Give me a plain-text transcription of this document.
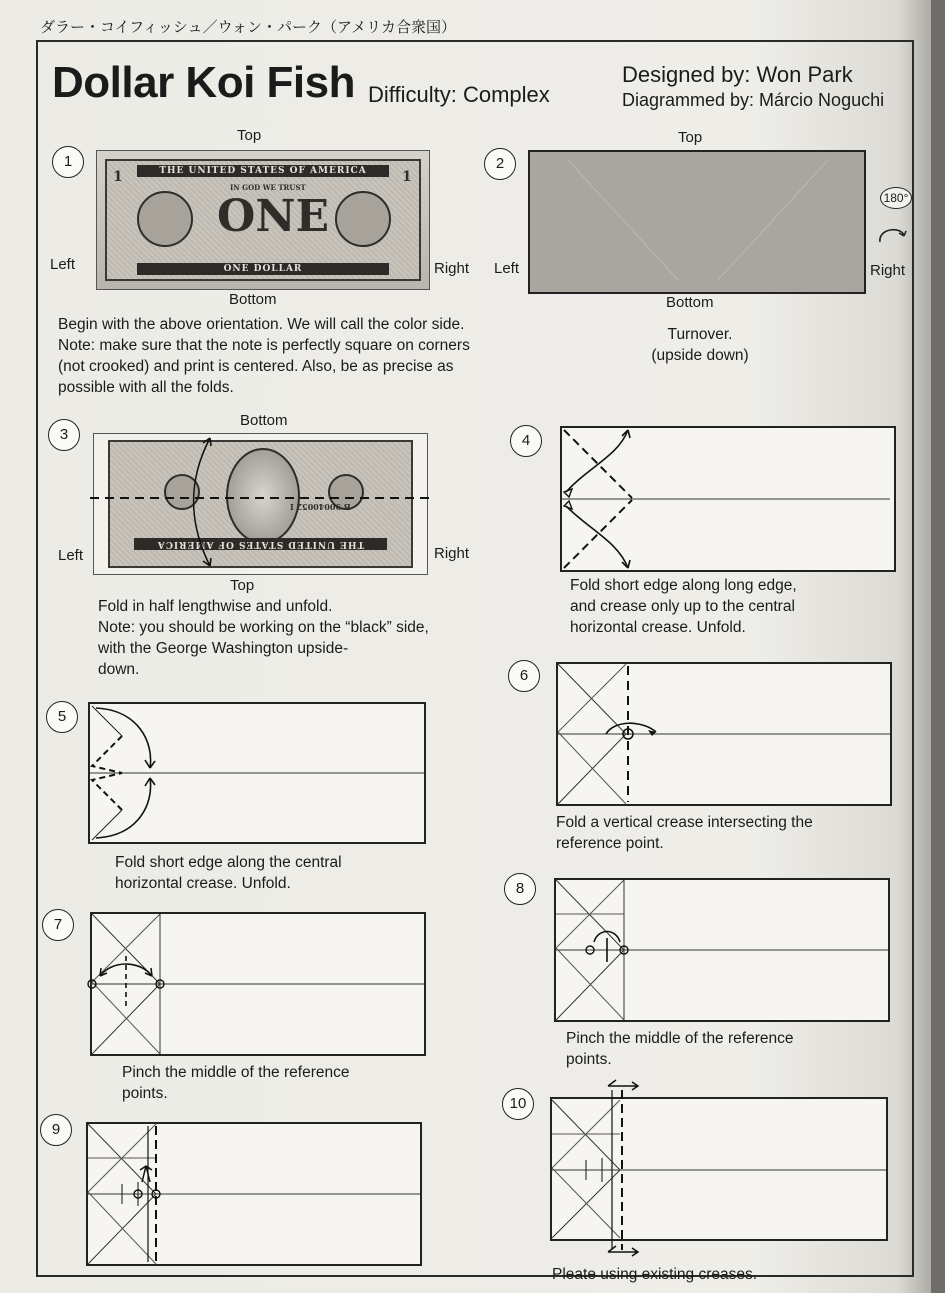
ダラー・コイフィッシュ／ウォン・パーク（アメリカ合衆国）
Dollar Koi Fish Difficulty: Complex
Designed by: Won Park
Diagrammed by: Márcio Noguchi
1
Top
Left	Right
Bottom
THE UNITED STATES OF AMERICA
ONE DOLLAR
ONE
IN GOD WE TRUST
1	1
Begin with the above orientation. We will call the color side. Note: make sure that the note is perfectly square on corners (not crooked) and print is centered. Also, be as precise as possible with all the folds.
2
Top
Left	Right
Bottom
180°
Turnover.
(upside down)
3
Bottom
Left	Right
Top
THE UNITED STATES OF AMERICA
B 90040052 I
Fold in half lengthwise and unfold.
Note: you should be working on the “black” side, with the George Washington upside-
down.
4
Fold short edge along long edge,
and crease only up to the central
horizontal crease. Unfold.
5
Fold short edge along the central
horizontal crease. Unfold.
6
Fold a vertical crease intersecting the
reference point.
7
Pinch the middle of the reference
points.
8
Pinch the middle of the reference
points.
9
10
Pleate using existing creases.
